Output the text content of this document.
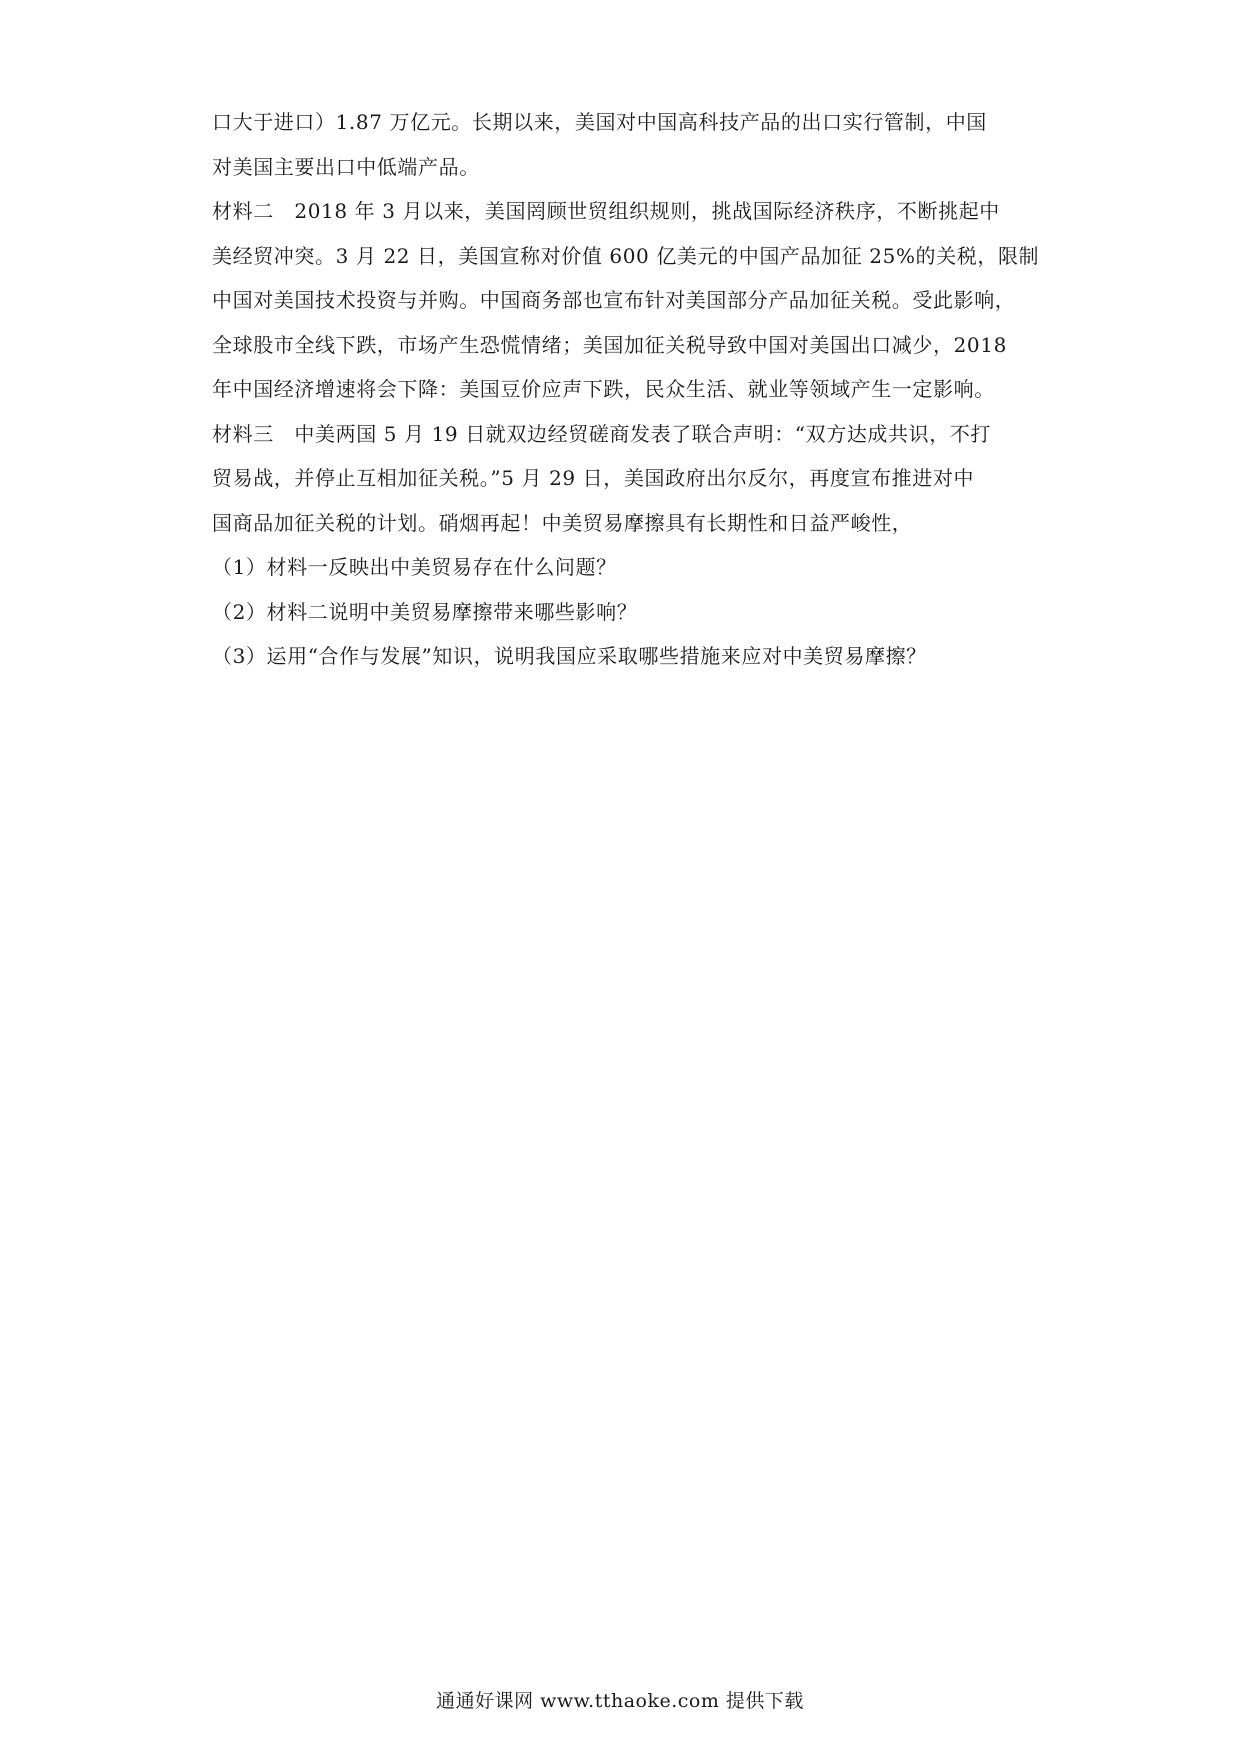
口大于进口）1.87 万亿元。长期以来，美国对中国高科技产品的出口实行管制，中国
对美国主要出口中低端产品。
材料二　2018 年 3 月以来，美国罔顾世贸组织规则，挑战国际经济秩序，不断挑起中
美经贸冲突。3 月 22 日，美国宣称对价值 600 亿美元的中国产品加征 25%的关税，限制
中国对美国技术投资与并购。中国商务部也宣布针对美国部分产品加征关税。受此影响，
全球股市全线下跌，市场产生恐慌情绪；美国加征关税导致中国对美国出口减少，2018
年中国经济增速将会下降：美国豆价应声下跌，民众生活、就业等领域产生一定影响。
材料三　中美两国 5 月 19 日就双边经贸磋商发表了联合声明：“双方达成共识，不打
贸易战，并停止互相加征关税。”5 月 29 日，美国政府出尔反尔，再度宣布推进对中
国商品加征关税的计划。硝烟再起！中美贸易摩擦具有长期性和日益严峻性，
（1）材料一反映出中美贸易存在什么问题？
（2）材料二说明中美贸易摩擦带来哪些影响？
（3）运用“合作与发展”知识，说明我国应采取哪些措施来应对中美贸易摩擦？
通通好课网 www.tthaoke.com 提供下载
